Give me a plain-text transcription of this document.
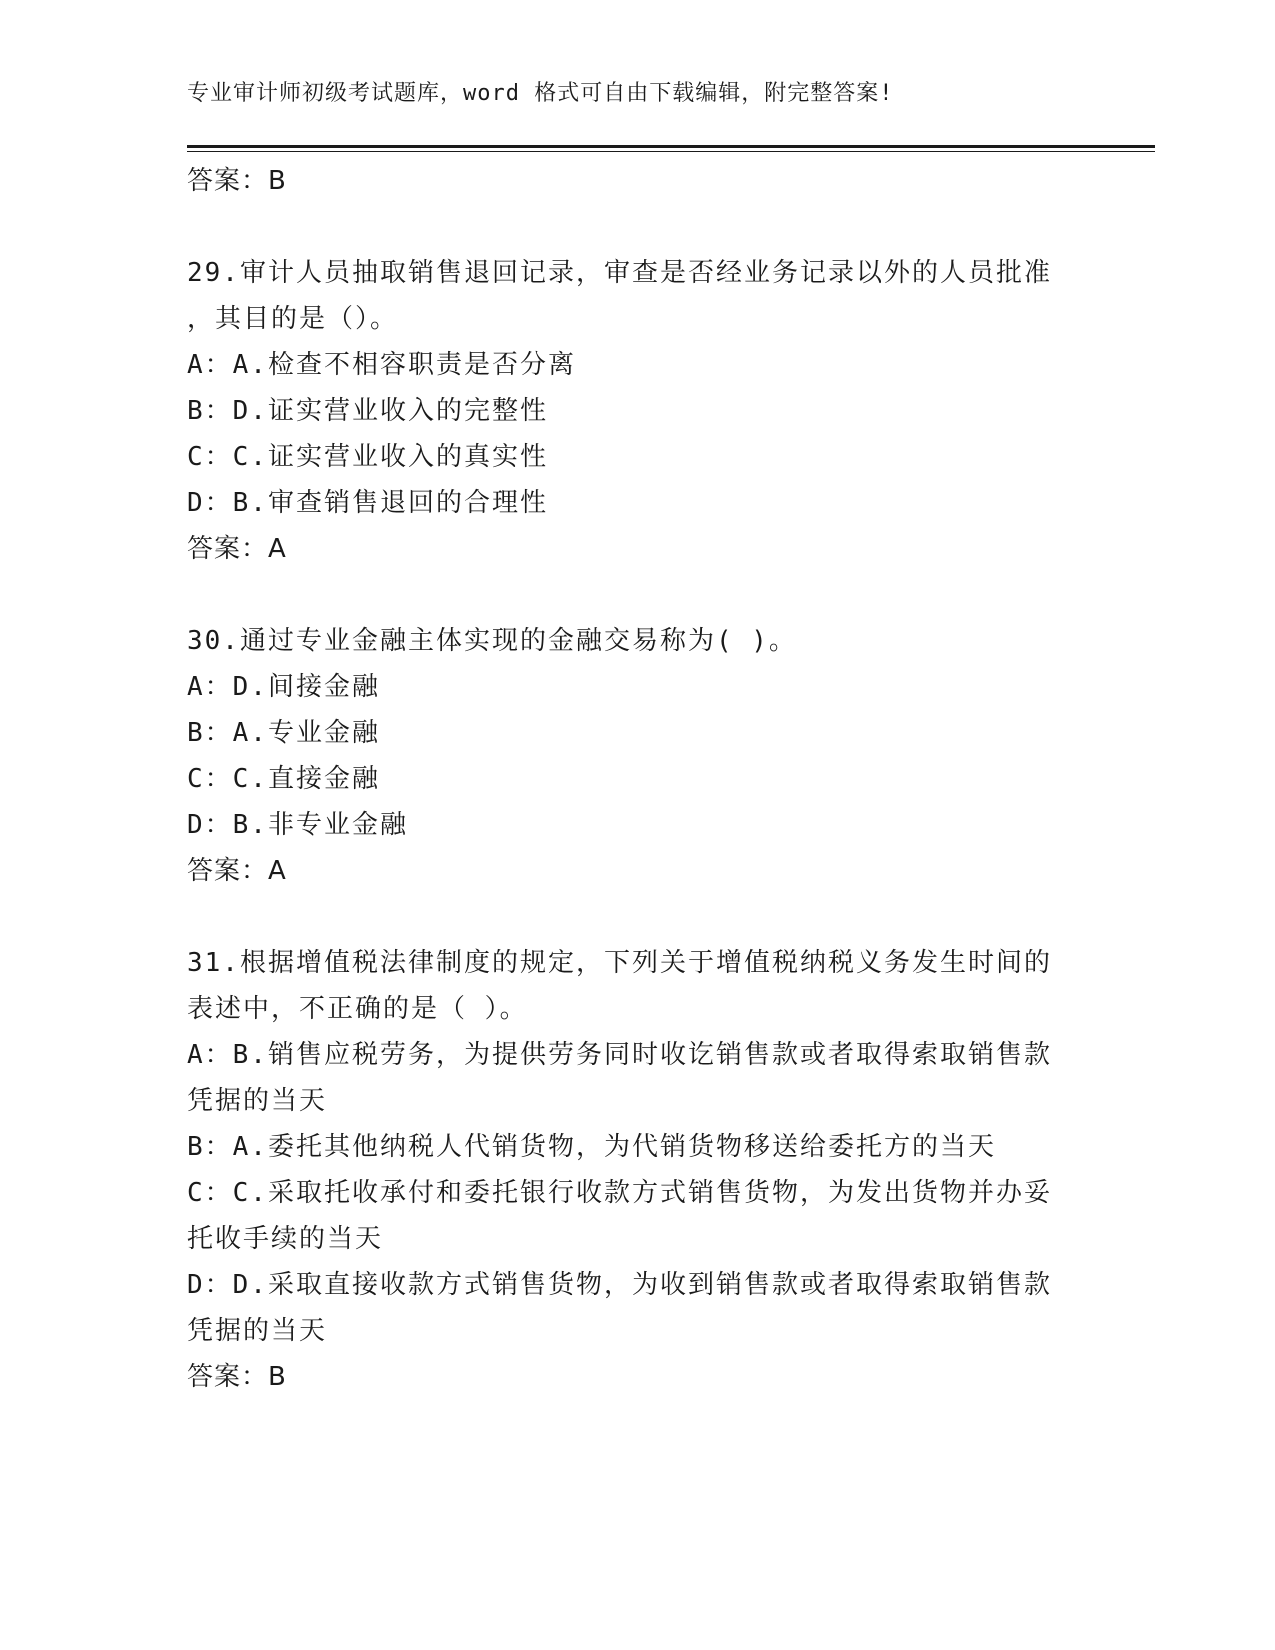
专业审计师初级考试题库，word 格式可自由下载编辑，附完整答案!
答案：B
29.审计人员抽取销售退回记录，审查是否经业务记录以外的人员批准
，其目的是（）。
A：A.检查不相容职责是否分离
B：D.证实营业收入的完整性
C：C.证实营业收入的真实性
D：B.审查销售退回的合理性
答案：A
30.通过专业金融主体实现的金融交易称为( )。
A：D.间接金融
B：A.专业金融
C：C.直接金融
D：B.非专业金融
答案：A
31.根据增值税法律制度的规定，下列关于增值税纳税义务发生时间的
表述中，不正确的是（ ）。
A：B.销售应税劳务，为提供劳务同时收讫销售款或者取得索取销售款
凭据的当天
B：A.委托其他纳税人代销货物，为代销货物移送给委托方的当天
C：C.采取托收承付和委托银行收款方式销售货物，为发出货物并办妥
托收手续的当天
D：D.采取直接收款方式销售货物，为收到销售款或者取得索取销售款
凭据的当天
答案：B
